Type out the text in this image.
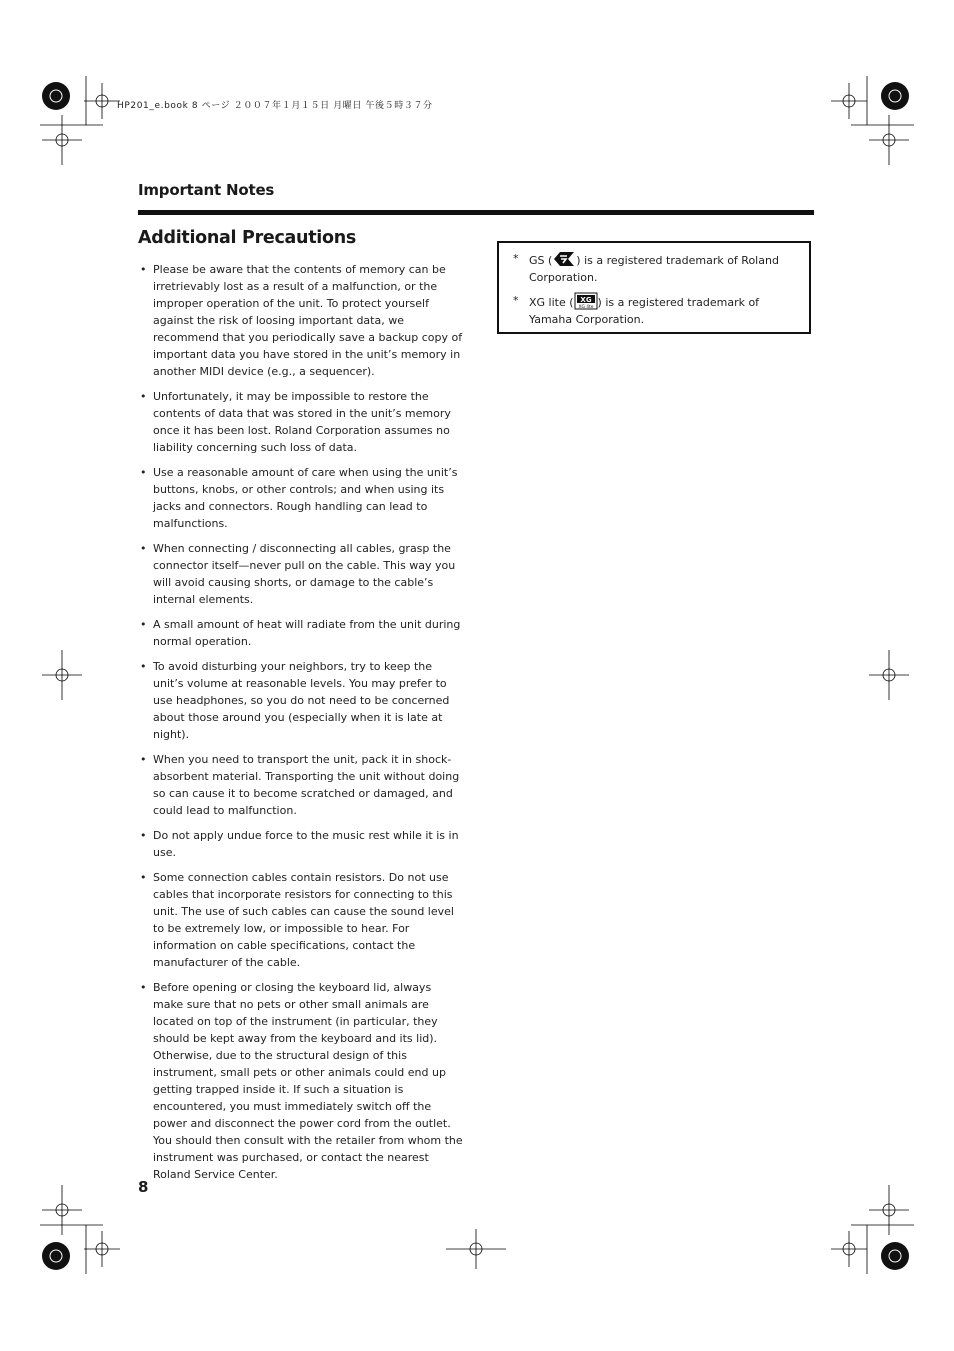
HP201_e.book 8 ページ ２００７年１月１５日 月曜日 午後５時３７分
Important Notes
Additional Precautions
• Please be aware that the contents of memory can be irretrievably lost as a result of a malfunction, or the improper operation of the unit. To protect yourself against the risk of loosing important data, we recommend that you periodically save a backup copy of important data you have stored in the unit’s memory in another MIDI device (e.g., a sequencer).
• Unfortunately, it may be impossible to restore the contents of data that was stored in the unit’s memory once it has been lost. Roland Corporation assumes no liability concerning such loss of data.
• Use a reasonable amount of care when using the unit’s buttons, knobs, or other controls; and when using its jacks and connectors. Rough handling can lead to malfunctions.
• When connecting / disconnecting all cables, grasp the connector itself—never pull on the cable. This way you will avoid causing shorts, or damage to the cable’s internal elements.
• A small amount of heat will radiate from the unit during normal operation.
• To avoid disturbing your neighbors, try to keep the unit’s volume at reasonable levels. You may prefer to use headphones, so you do not need to be concerned about those around you (especially when it is late at night).
• When you need to transport the unit, pack it in shock-absorbent material. Transporting the unit without doing so can cause it to become scratched or damaged, and could lead to malfunction.
• Do not apply undue force to the music rest while it is in use.
• Some connection cables contain resistors. Do not use cables that incorporate resistors for connecting to this unit. The use of such cables can cause the sound level to be extremely low, or impossible to hear. For information on cable specifications, contact the manufacturer of the cable.
• Before opening or closing the keyboard lid, always make sure that no pets or other small animals are located on top of the instrument (in particular, they should be kept away from the keyboard and its lid). Otherwise, due to the structural design of this instrument, small pets or other animals could end up getting trapped inside it. If such a situation is encountered, you must immediately switch off the power and disconnect the power cord from the outlet. You should then consult with the retailer from whom the instrument was purchased, or contact the nearest Roland Service Center.
* GS ( ) is a registered trademark of Roland Corporation.
* XG lite ( XG
XG lite ) is a registered trademark of Yamaha Corporation.
8
